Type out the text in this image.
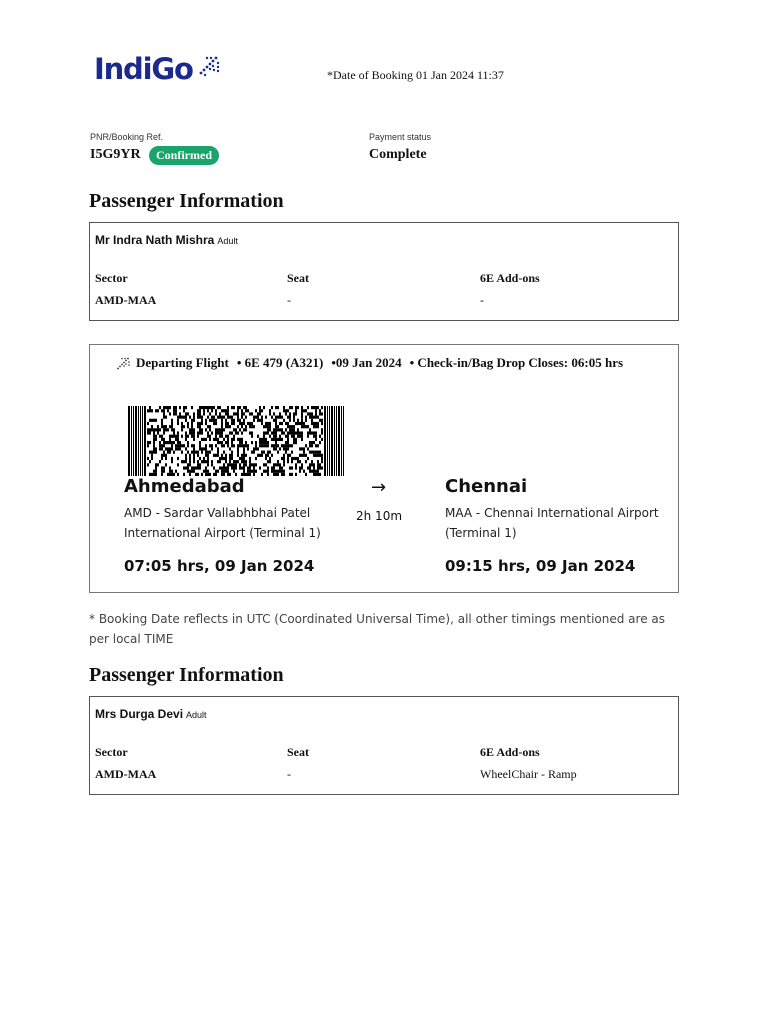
IndiGo	*Date of Booking 01 Jan 2024 11:37
PNR/Booking Ref.
I5G9YR	Confirmed
Payment status
Complete
Passenger Information
Mr Indra Nath Mishra Adult
Sector	Seat	6E Add-ons
AMD-MAA	-	-
Departing Flight • 6E 479 (A321) •09 Jan 2024 • Check-in/Bag Drop Closes: 06:05 hrs
Ahmedabad
AMD - Sardar Vallabhbhai Patel
International Airport (Terminal 1)
07:05 hrs, 09 Jan 2024
→
2h 10m
Chennai
MAA - Chennai International Airport
(Terminal 1)
09:15 hrs, 09 Jan 2024
* Booking Date reflects in UTC (Coordinated Universal Time), all other timings mentioned are as per local TIME
Passenger Information
Mrs Durga Devi Adult
Sector	Seat	6E Add-ons
AMD-MAA	-	WheelChair - Ramp
